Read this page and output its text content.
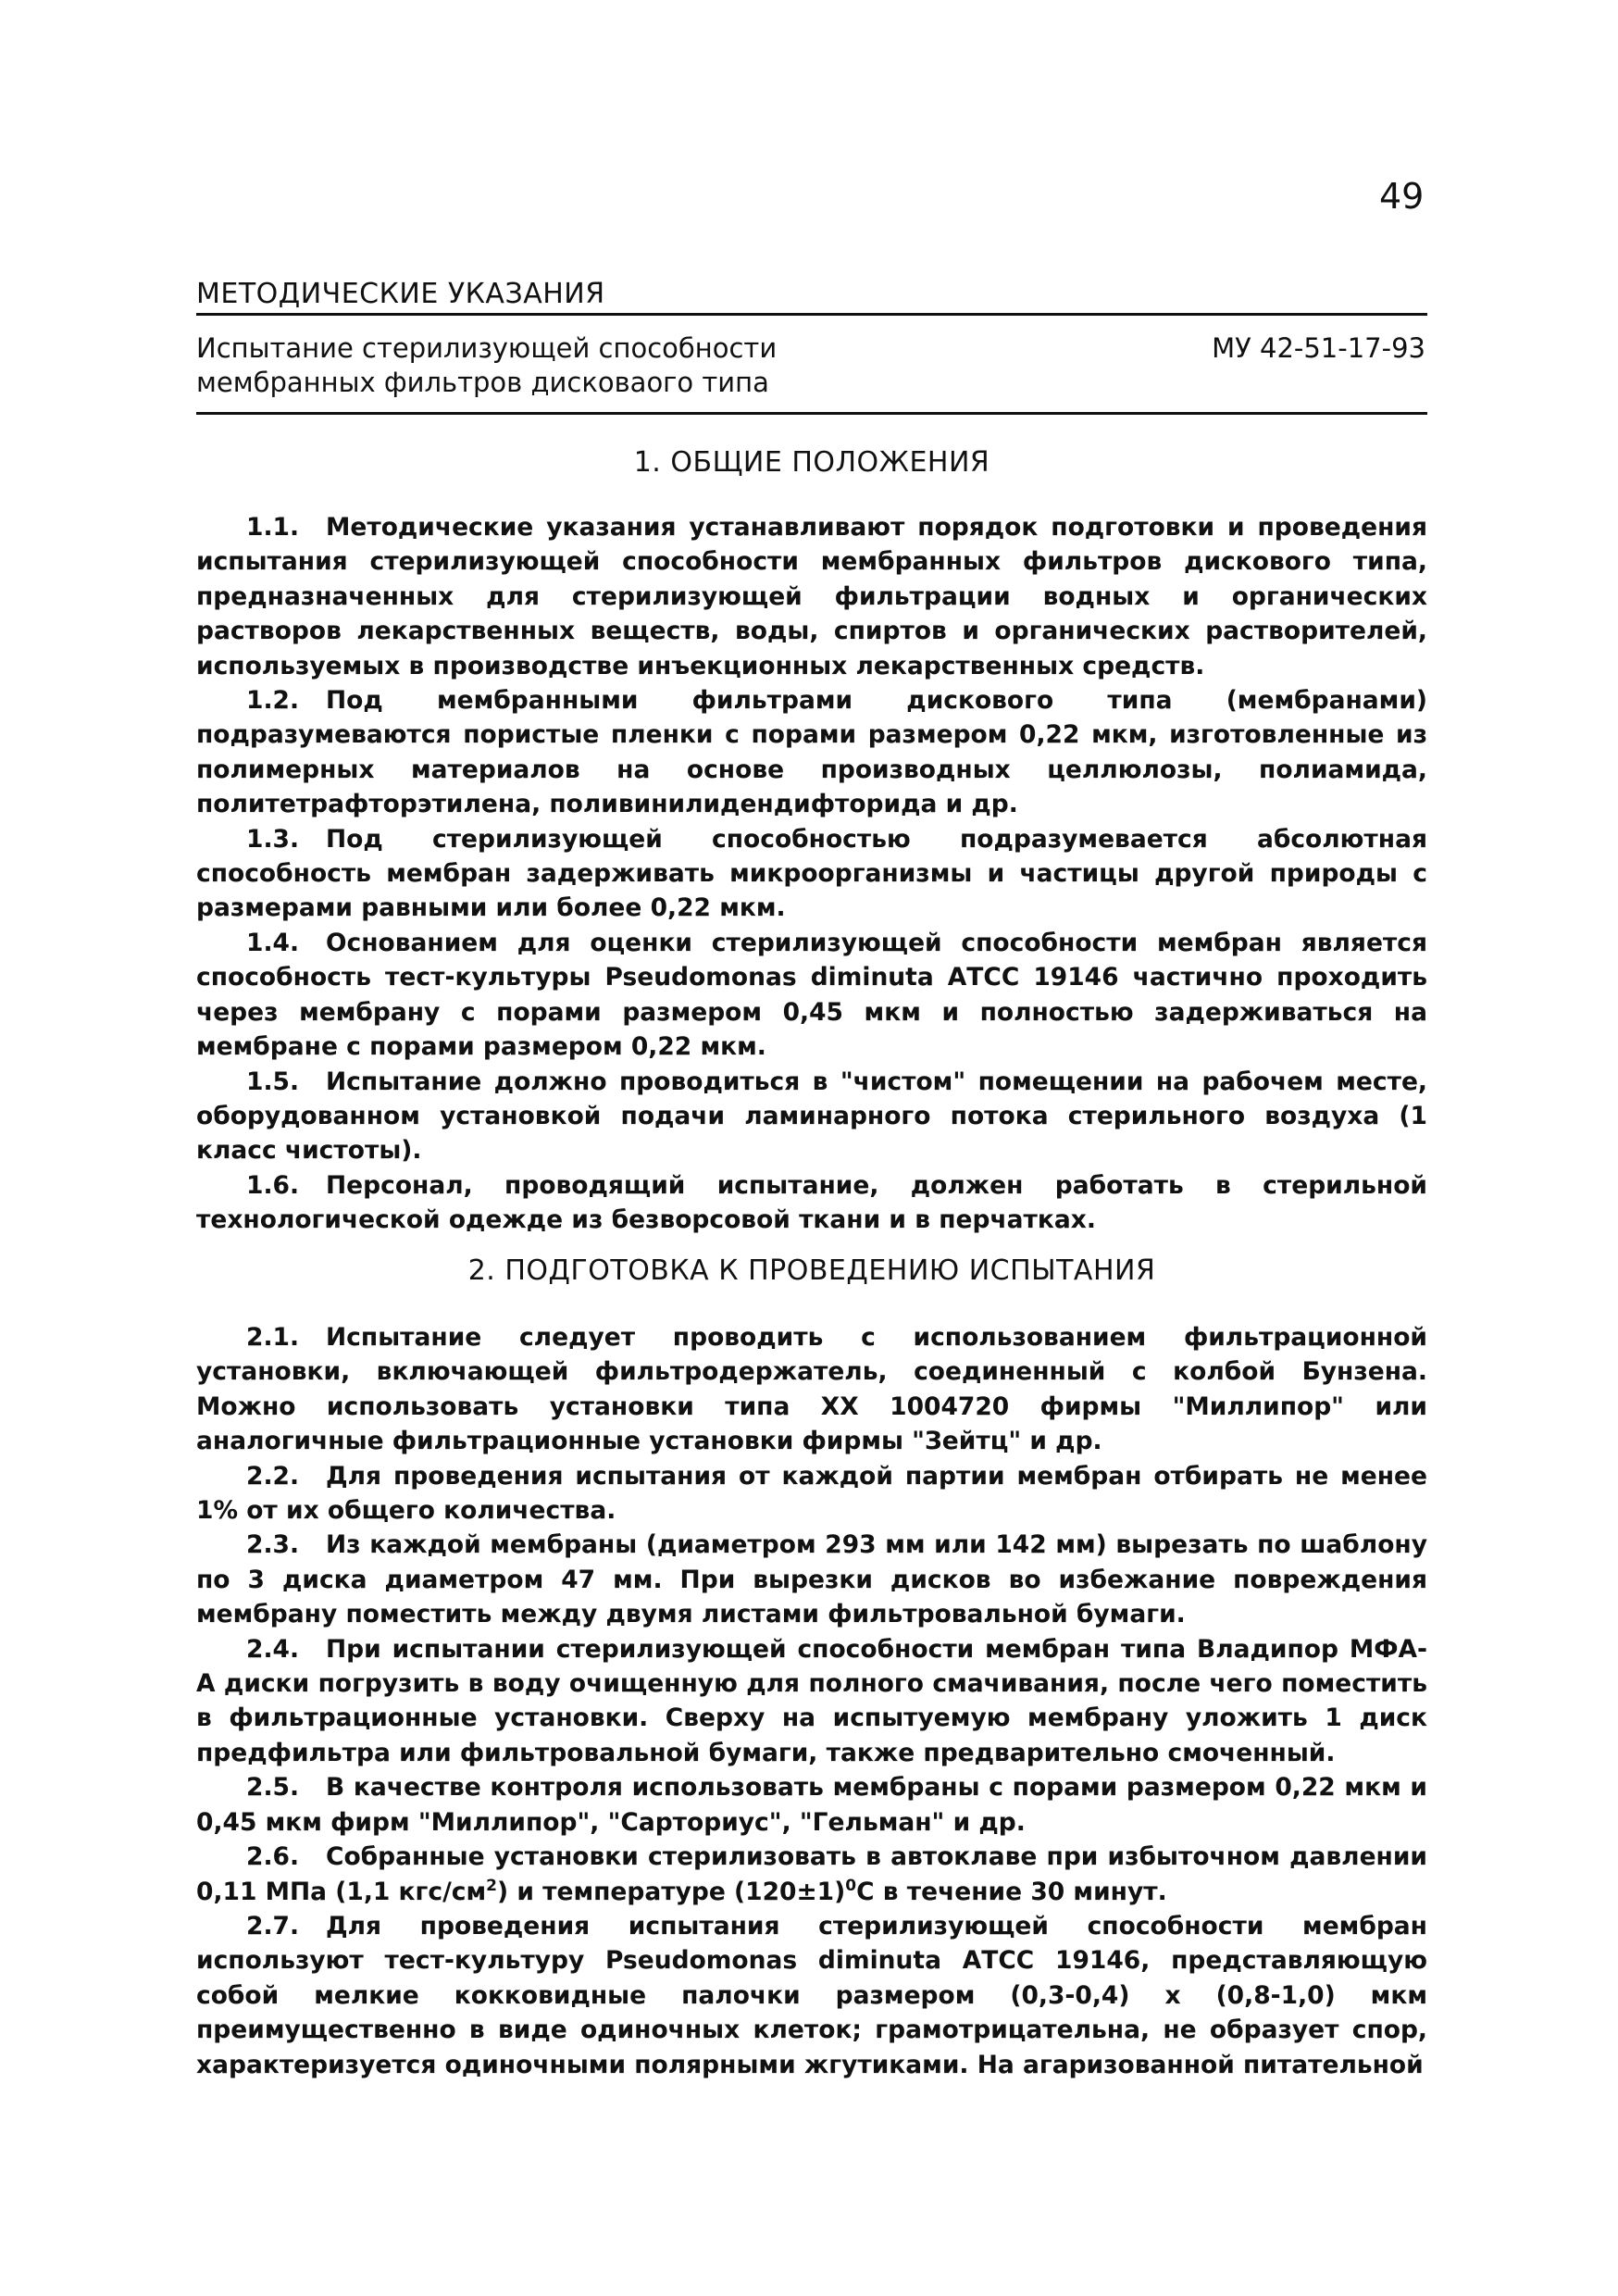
49
МЕТОДИЧЕСКИЕ УКАЗАНИЯ
Испытание стерилизующей способности
мембранных фильтров дисковаого типа
МУ 42-51-17-93
1. ОБЩИЕ ПОЛОЖЕНИЯ

1.1. Методические указания устанавливают порядок подготовки и проведения испытания стерилизующей способности мембранных фильтров дискового типа, предназначенных для стерилизующей фильтрации водных и органических растворов лекарственных веществ, воды, спиртов и органических растворителей, используемых в производстве инъекционных лекарственных средств.

1.2. Под мембранными фильтрами дискового типа (мембранами) подразумеваются пористые пленки с порами размером 0,22 мкм, изготовленные из полимерных материалов на основе производных целлюлозы, полиамида, политетрафторэтилена, поливинилидендифторида и др.

1.3. Под стерилизующей способностью подразумевается абсолютная способность мембран задерживать микроорганизмы и частицы другой природы с размерами равными или более 0,22 мкм.

1.4. Основанием для оценки стерилизующей способности мембран является способность тест-культуры Pseudomonas diminuta АТСС 19146 частично проходить через мембрану с порами размером 0,45 мкм и полностью задерживаться на мембране с порами размером 0,22 мкм.

1.5. Испытание должно проводиться в "чистом" помещении на рабочем месте, оборудованном установкой подачи ламинарного потока стерильного воздуха (1 класс чистоты).

1.6. Персонал, проводящий испытание, должен работать в стерильной технологической одежде из безворсовой ткани и в перчатках.

2. ПОДГОТОВКА К ПРОВЕДЕНИЮ ИСПЫТАНИЯ

2.1. Испытание следует проводить с использованием фильтрационной установки, включающей фильтродержатель, соединенный с колбой Бунзена. Можно использовать установки типа XX 1004720 фирмы "Миллипор" или аналогичные фильтрационные установки фирмы "Зейтц" и др.

2.2. Для проведения испытания от каждой партии мембран отбирать не менее 1% от их общего количества.

2.3. Из каждой мембраны (диаметром 293 мм или 142 мм) вырезать по шаблону по 3 диска диаметром 47 мм. При вырезки дисков во избежание повреждения мембрану поместить между двумя листами фильтровальной бумаги.

2.4. При испытании стерилизующей способности мембран типа Владипор МФА-А диски погрузить в воду очищенную для полного смачивания, после чего поместить в фильтрационные установки. Сверху на испытуемую мембрану уложить 1 диск предфильтра или фильтровальной бумаги, также предварительно смоченный.

2.5. В качестве контроля использовать мембраны с порами размером 0,22 мкм и 0,45 мкм фирм "Миллипор", "Сарториус", "Гельман" и др.

2.6. Собранные установки стерилизовать в автоклаве при избыточном давлении 0,11 МПа (1,1 кгс/$см^2$) и температуре $(120\pm 1)^0С$ в течение 30 минут.

2.7. Для проведения испытания стерилизующей способности мембран используют тест-культуру Pseudomonas diminuta АТСС 19146, представляющую собой мелкие кокковидные палочки размером (0,3-0,4) х (0,8-1,0) мкм преимущественно в виде одиночных клеток; грамотрицательна, не образует спор, характеризуется одиночными полярными жгутиками. На агаризованной питательной
